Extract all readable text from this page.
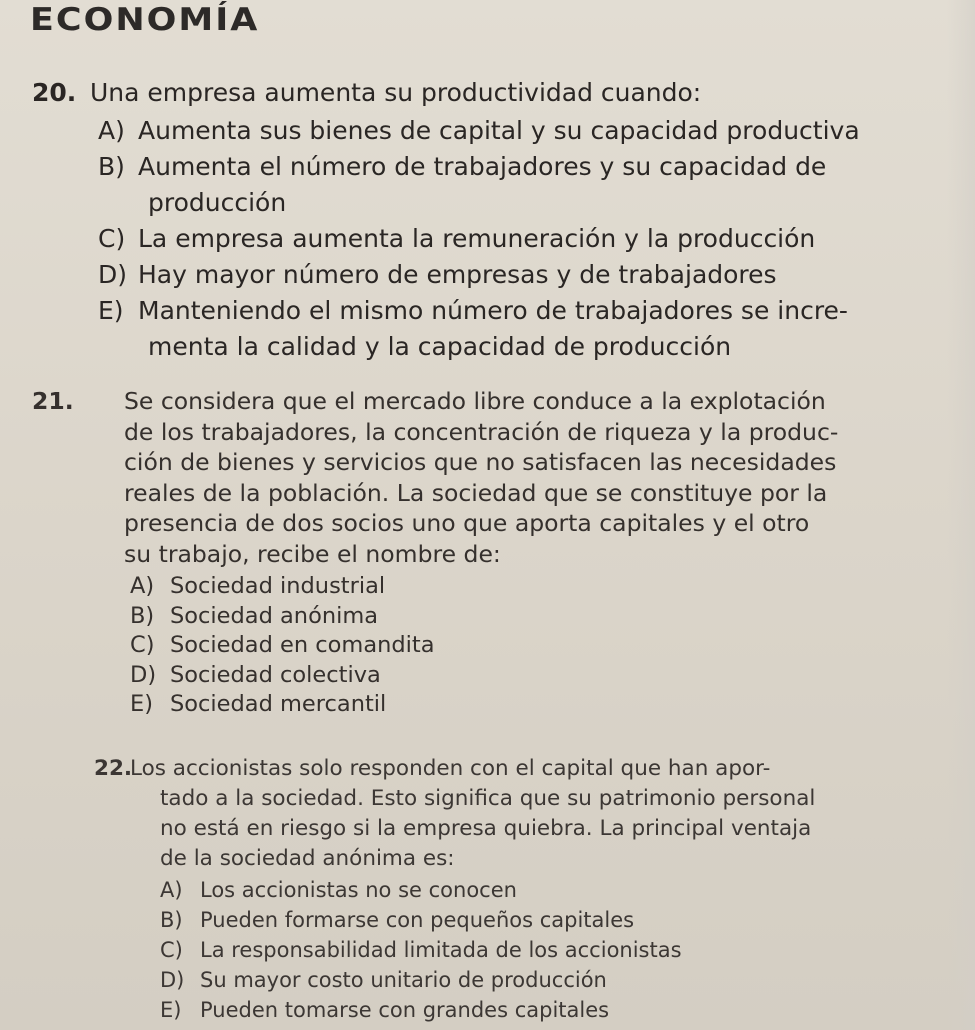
ECONOMÍA
20. Una empresa aumenta su productividad cuando:
A) Aumenta sus bienes de capital y su capacidad productiva
B) Aumenta el número de trabajadores y su capacidad de
producción
C) La empresa aumenta la remuneración y la producción
D) Hay mayor número de empresas y de trabajadores
E) Manteniendo el mismo número de trabajadores se incre-
menta la calidad y la capacidad de producción
21. Se considera que el mercado libre conduce a la explotación
de los trabajadores, la concentración de riqueza y la produc-
ción de bienes y servicios que no satisfacen las necesidades
reales de la población. La sociedad que se constituye por la
presencia de dos socios uno que aporta capitales y el otro
su trabajo, recibe el nombre de:
A) Sociedad industrial
B) Sociedad anónima
C) Sociedad en comandita
D) Sociedad colectiva
E) Sociedad mercantil
22.
Los accionistas solo responden con el capital que han apor-
tado a la sociedad. Esto significa que su patrimonio personal
no está en riesgo si la empresa quiebra. La principal ventaja
de la sociedad anónima es:
A) Los accionistas no se conocen
B) Pueden formarse con pequeños capitales
C) La responsabilidad limitada de los accionistas
D) Su mayor costo unitario de producción
E) Pueden tomarse con grandes capitales
